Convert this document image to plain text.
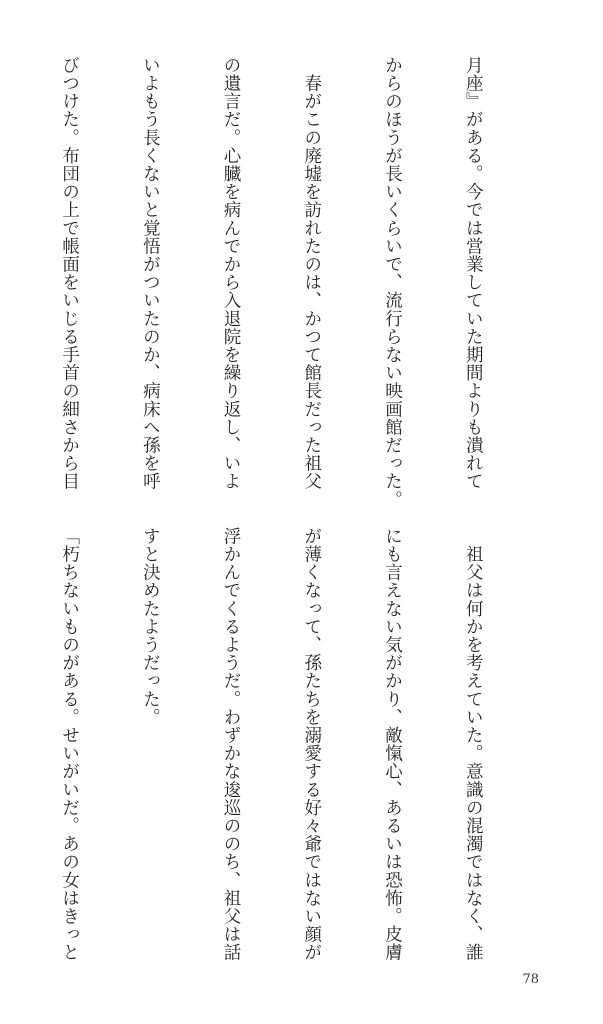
月座』がある。今では営業していた期間よりも潰れて

からのほうが長いくらいで、流行らない映画館だった。

　春がこの廃墟を訪れたのは、かつて館長だった祖父

の遺言だ。心臓を病んでから入退院を繰り返し、いよ

いよもう長くないと覚悟がついたのか、病床へ孫を呼

びつけた。布団の上で帳面をいじる手首の細さから目

　祖父は何かを考えていた。意識の混濁ではなく、誰

にも言えない気がかり、敵愾心、あるいは恐怖。皮膚

が薄くなって、孫たちを溺愛する好々爺ではない顔が

浮かんでくるようだ。わずかな逡巡ののち、祖父は話

すと決めたようだった。

「朽ちないものがある。せいがいだ。あの女はきっと

78
